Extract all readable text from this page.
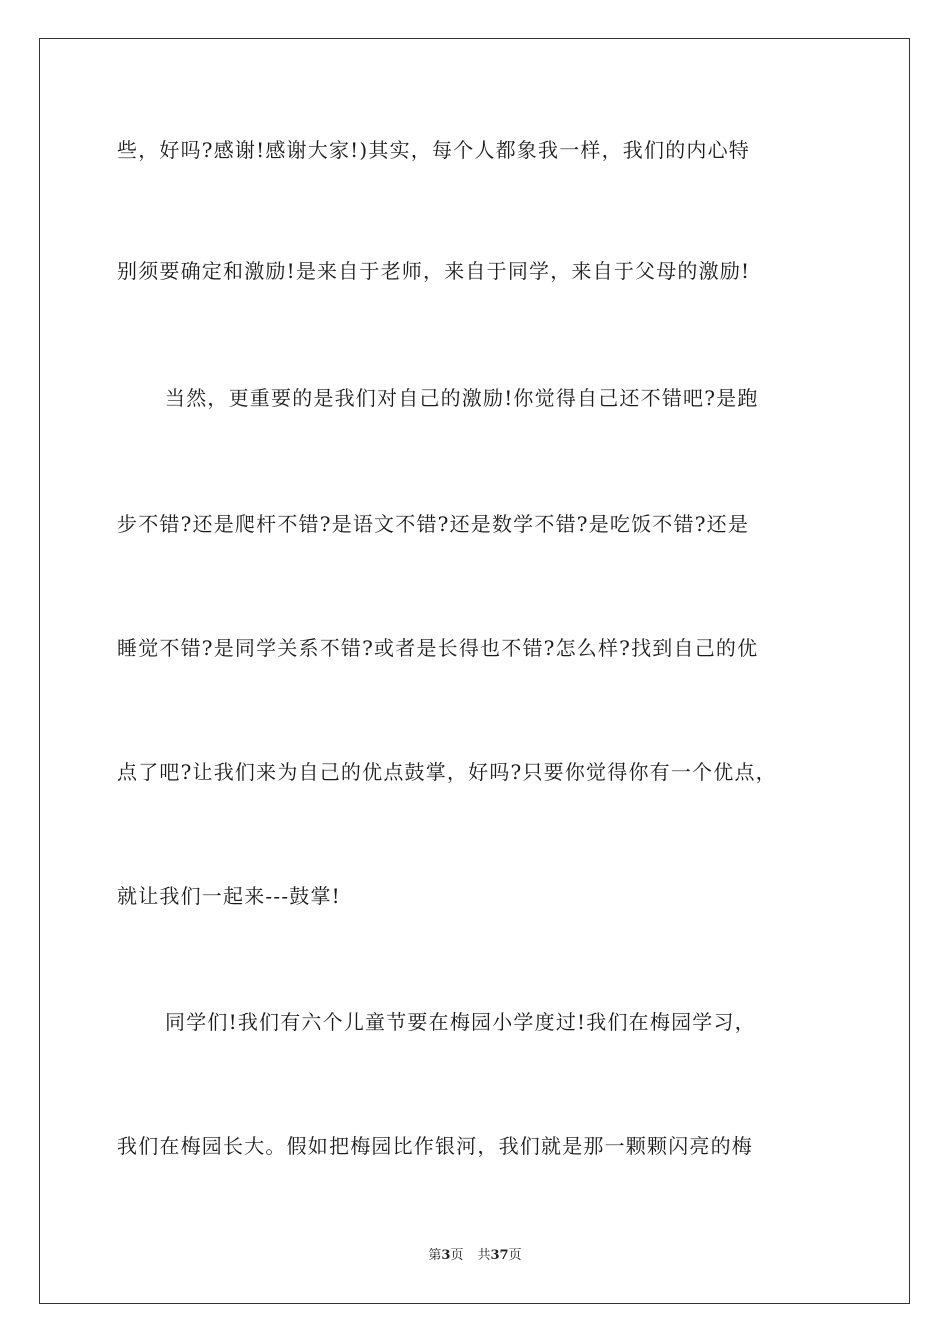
些，好吗?感谢!感谢大家!)其实，每个人都象我一样，我们的内心特
别须要确定和激励!是来自于老师，来自于同学，来自于父母的激励!
当然，更重要的是我们对自己的激励!你觉得自己还不错吧?是跑
步不错?还是爬杆不错?是语文不错?还是数学不错?是吃饭不错?还是
睡觉不错?是同学关系不错?或者是长得也不错?怎么样?找到自己的优
点了吧?让我们来为自己的优点鼓掌，好吗?只要你觉得你有一个优点，
就让我们一起来---鼓掌!
同学们!我们有六个儿童节要在梅园小学度过!我们在梅园学习，
我们在梅园长大。假如把梅园比作银河，我们就是那一颗颗闪亮的梅
第3页 共37页
